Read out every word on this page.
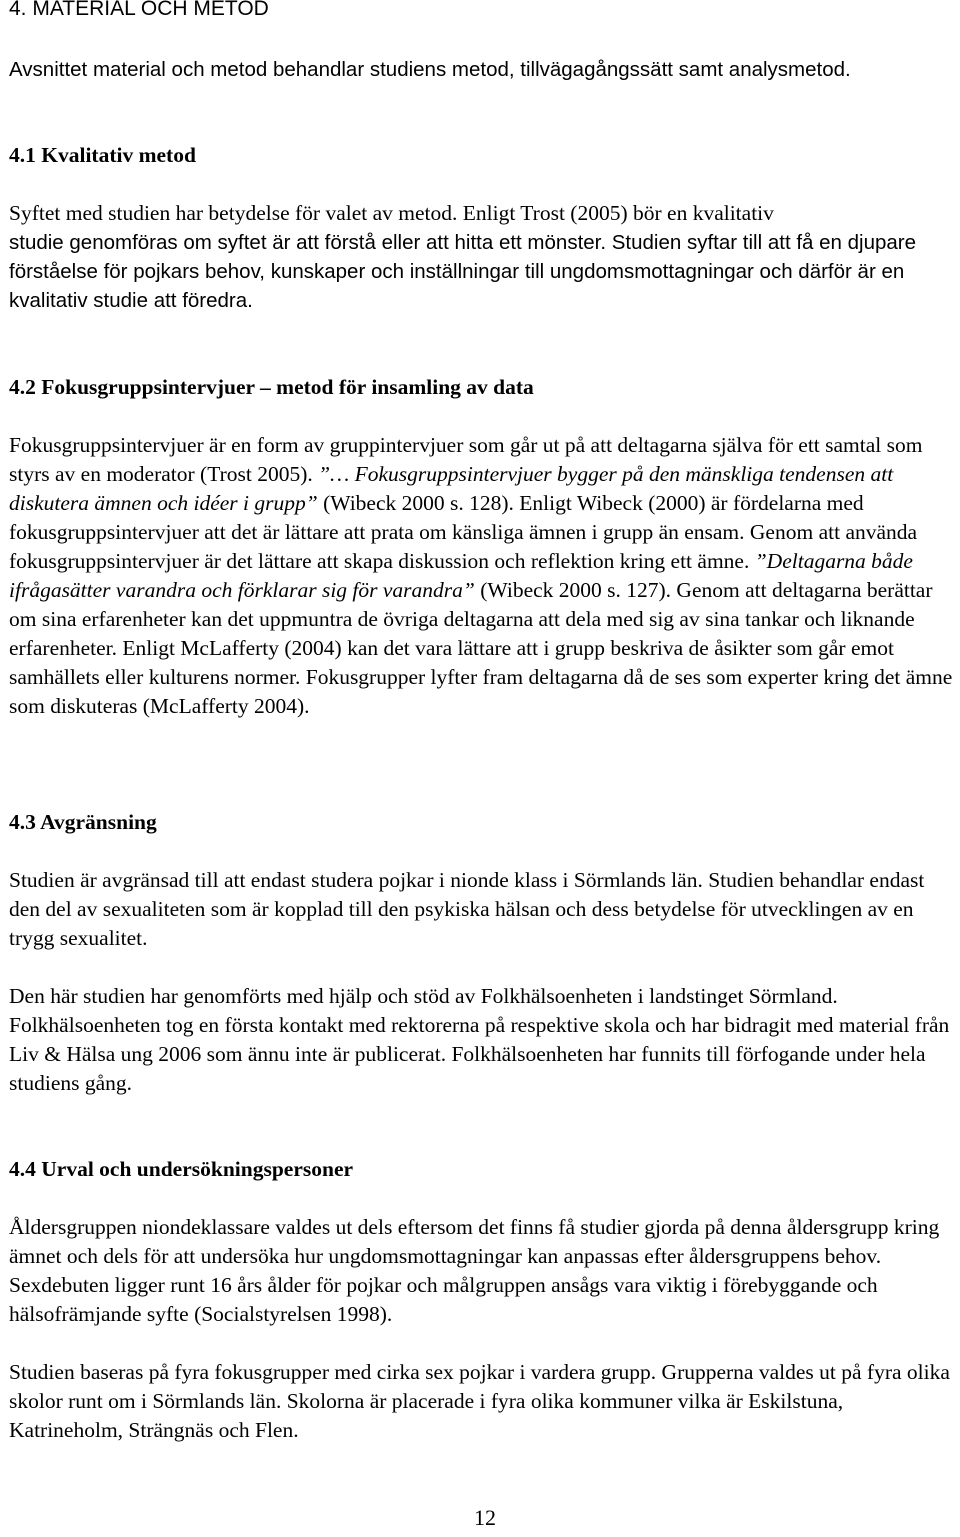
4. MATERIAL OCH METOD

Avsnittet material och metod behandlar studiens metod, tillvägagångssätt samt analysmetod.

4.1 Kvalitativ metod

Syftet med studien har betydelse för valet av metod. Enligt Trost (2005) bör en kvalitativ

studie genomföras om syftet är att förstå eller att hitta ett mönster. Studien syftar till att få en djupare förståelse för pojkars behov, kunskaper och inställningar till ungdomsmottagningar och därför är en kvalitativ studie att föredra.

4.2 Fokusgruppsintervjuer – metod för insamling av data

Fokusgruppsintervjuer är en form av gruppintervjuer som går ut på att deltagarna själva för ett samtal som styrs av en moderator (Trost 2005). ”… Fokusgruppsintervjuer bygger på den mänskliga tendensen att diskutera ämnen och idéer i grupp” (Wibeck 2000 s. 128). Enligt Wibeck (2000) är fördelarna med fokusgruppsintervjuer att det är lättare att prata om känsliga ämnen i grupp än ensam. Genom att använda fokusgruppsintervjuer är det lättare att skapa diskussion och reflektion kring ett ämne. ”Deltagarna både ifrågasätter varandra och förklarar sig för varandra” (Wibeck 2000 s. 127). Genom att deltagarna berättar om sina erfarenheter kan det uppmuntra de övriga deltagarna att dela med sig av sina tankar och liknande erfarenheter. Enligt McLafferty (2004) kan det vara lättare att i grupp beskriva de åsikter som går emot samhällets eller kulturens normer. Fokusgrupper lyfter fram deltagarna då de ses som experter kring det ämne som diskuteras (McLafferty 2004).

4.3 Avgränsning

Studien är avgränsad till att endast studera pojkar i nionde klass i Sörmlands län. Studien behandlar endast den del av sexualiteten som är kopplad till den psykiska hälsan och dess betydelse för utvecklingen av en trygg sexualitet.

Den här studien har genomförts med hjälp och stöd av Folkhälsoenheten i landstinget Sörmland. Folkhälsoenheten tog en första kontakt med rektorerna på respektive skola och har bidragit med material från Liv & Hälsa ung 2006 som ännu inte är publicerat. Folkhälsoenheten har funnits till förfogande under hela studiens gång.

4.4 Urval och undersökningspersoner

Åldersgruppen niondeklassare valdes ut dels eftersom det finns få studier gjorda på denna åldersgrupp kring ämnet och dels för att undersöka hur ungdomsmottagningar kan anpassas efter åldersgruppens behov. Sexdebuten ligger runt 16 års ålder för pojkar och målgruppen ansågs vara viktig i förebyggande och hälsofrämjande syfte (Socialstyrelsen 1998).

Studien baseras på fyra fokusgrupper med cirka sex pojkar i vardera grupp. Grupperna valdes ut på fyra olika skolor runt om i Sörmlands län. Skolorna är placerade i fyra olika kommuner vilka är Eskilstuna, Katrineholm, Strängnäs och Flen.

12
